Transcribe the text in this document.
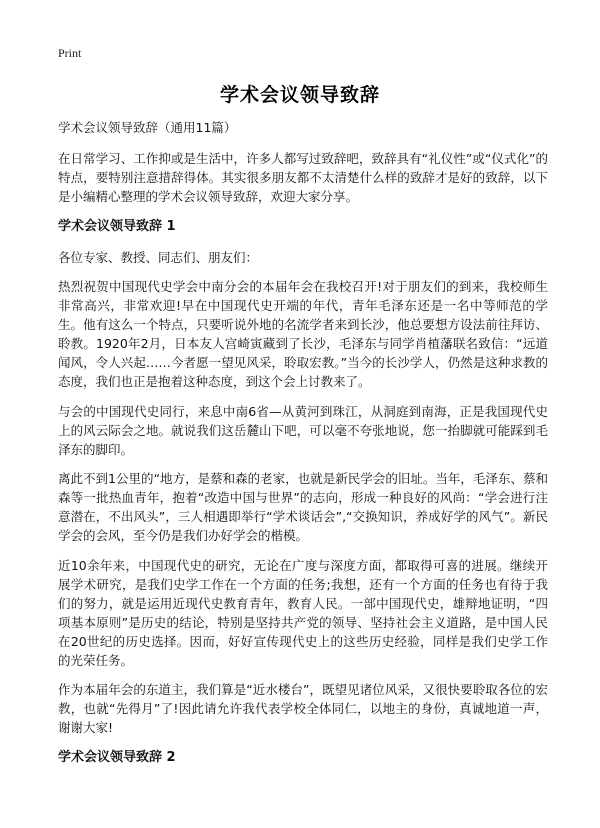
Print
学术会议领导致辞
学术会议领导致辞（通用11篇）

在日常学习、工作抑或是生活中，许多人都写过致辞吧，致辞具有“礼仪性”或“仪式化”的特点，要特别注意措辞得体。其实很多朋友都不太清楚什么样的致辞才是好的致辞，以下是小编精心整理的学术会议领导致辞，欢迎大家分享。

学术会议领导致辞 1

各位专家、教授、同志们、朋友们：

热烈祝贺中国现代史学会中南分会的本届年会在我校召开!对于朋友们的到来，我校师生非常高兴，非常欢迎!早在中国现代史开端的年代，青年毛泽东还是一名中等师范的学生。他有这么一个特点，只要听说外地的名流学者来到长沙，他总要想方设法前往拜访、聆教。1920年2月，日本友人宫崎寅藏到了长沙，毛泽东与同学肖植藩联名致信：“远道闻风，令人兴起……今者愿一望见风采，聆取宏教。”当今的长沙学人，仍然是这种求教的态度，我们也正是抱着这种态度，到这个会上讨教来了。

与会的中国现代史同行，来息中南6省—从黄河到珠江，从洞庭到南海，正是我国现代史上的风云际会之地。就说我们这岳麓山下吧，可以毫不夸张地说，您一抬脚就可能踩到毛泽东的脚印。

离此不到1公里的“地方，是蔡和森的老家，也就是新民学会的旧址。当年，毛泽东、蔡和森等一批热血青年，抱着“改造中国与世界”的志向，形成一种良好的风尚：“学会进行注意潜在，不出风头”，三人相遇即举行“学术谈话会”,“交换知识，养成好学的风气”。新民学会的会风，至今仍是我们办好学会的楷模。

近10余年来，中国现代史的研究，无论在广度与深度方面，都取得可喜的进展。继续开展学术研究，是我们史学工作在一个方面的任务;我想，还有一个方面的任务也有待于我们的努力，就是运用近现代史教育青年，教育人民。一部中国现代史，雄辩地证明，“四项基本原则”是历史的结论，特别是坚持共产党的领导、坚持社会主义道路，是中国人民在20世纪的历史选择。因而，好好宣传现代史上的这些历史经验，同样是我们史学工作的光荣任务。

作为本届年会的东道主，我们算是“近水楼台”，既望见诸位风采，又很快要聆取各位的宏教，也就“先得月”了!因此请允许我代表学校全体同仁，以地主的身份，真诚地道一声，谢谢大家!

学术会议领导致辞 2
